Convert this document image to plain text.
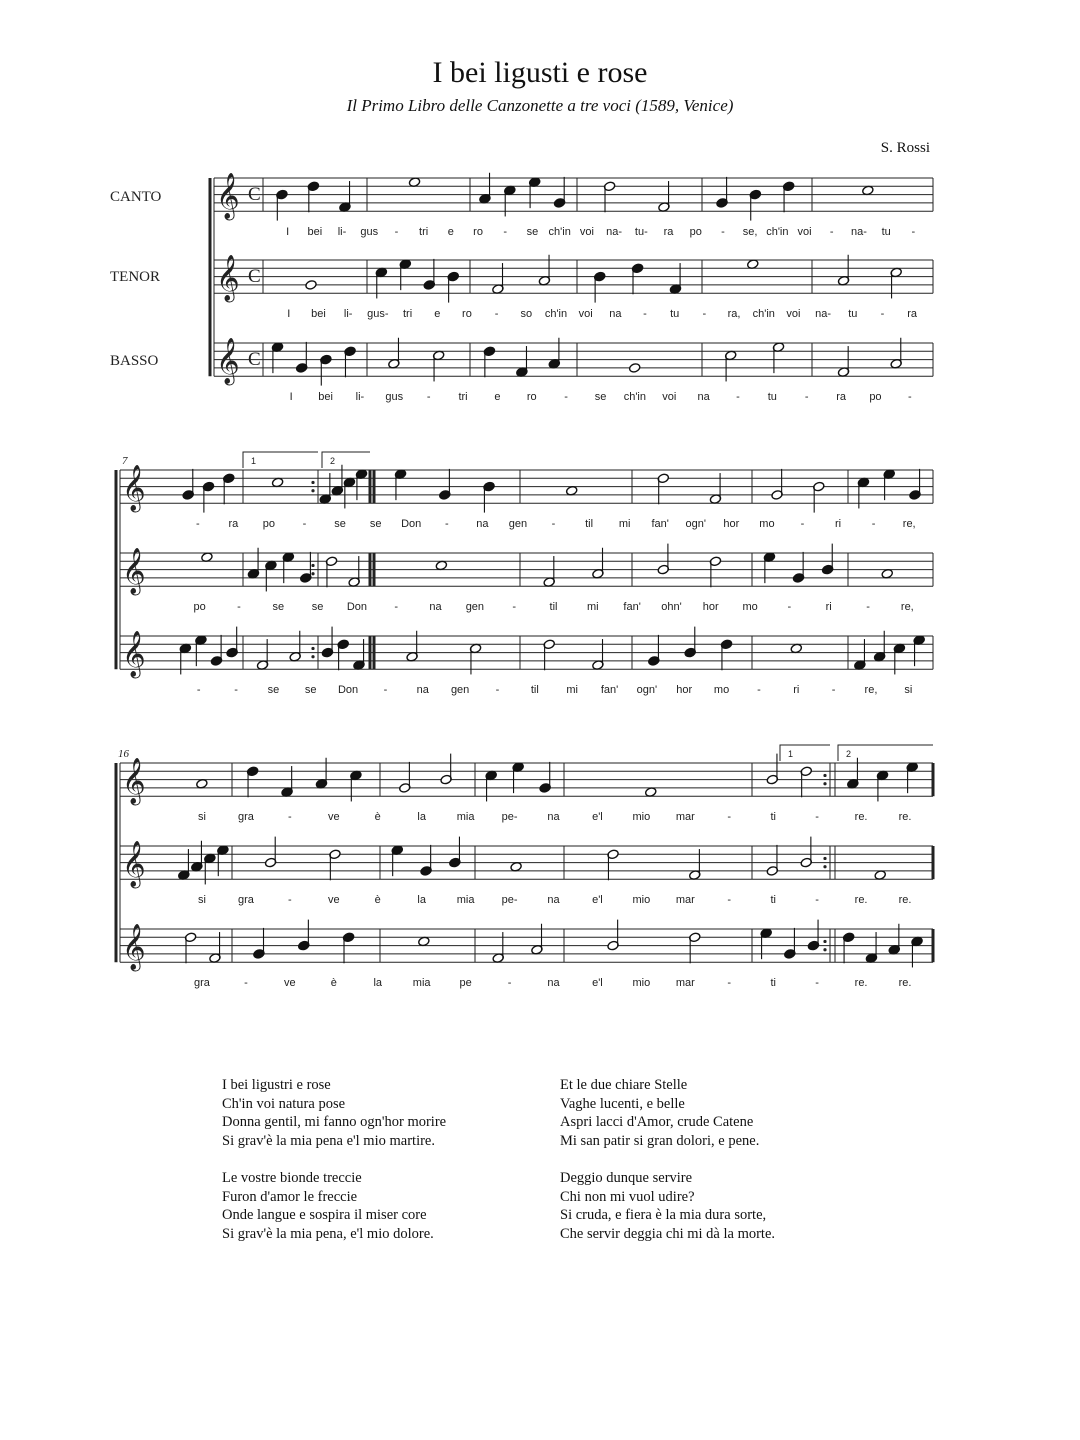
I bei ligusti e rose
Il Primo Libro delle Canzonette a tre voci (1589, Venice)
S. Rossi
CANTO
TENOR
BASSO
7
16
𝄞 C
𝄞 C
𝄞 C
𝄞
𝄞
𝄞
𝄞
𝄞
𝄞
1	2
1	2
I bei li- gus - tri e ro - se ch'in voi na- tu- ra po - se, ch'in voi - na- tu -
I bei li- gus- tri e ro - so ch'in voi na - tu - ra, ch'in voi na- tu - ra
I bei li- gus -	tri e ro	- se ch'in voi na -	tu	-	ra po -
-	ra po	-	se se Don -	na gen -	til mi fan' ogn' hor mo -	ri	- re,
po	-	se	se Don -	na gen	-	til	mi fan' ohn' hor mo	-	ri	-	re,
-	-	se se Don -	na gen -	til	mi fan' ogn' hor mo	-	ri	-	re, si
si	gra	-	ve	è	la	mia pe-	na	e'l	mio mar	-	ti	-	re.	re.
si	gra	-	ve	è	la	mia pe-	na	e'l	mio mar	-	ti	-	re.	re.
gra	-	ve	è	la	mia	pe	-	na	e'l	mio mar	-	ti	-	re.	re.
I bei ligustri e rose
Ch'in voi natura pose
Donna gentil, mi fanno ogn'hor morire
Si grav'è la mia pena e'l mio martire.
Le vostre bionde treccie
Furon d'amor le freccie
Onde langue e sospira il miser core
Si grav'è la mia pena, e'l mio dolore.
Et le due chiare Stelle
Vaghe lucenti, e belle
Aspri lacci d'Amor, crude Catene
Mi san patir si gran dolori, e pene.
Deggio dunque servire
Chi non mi vuol udire?
Si cruda, e fiera è la mia dura sorte,
Che servir deggia chi mi dà la morte.
